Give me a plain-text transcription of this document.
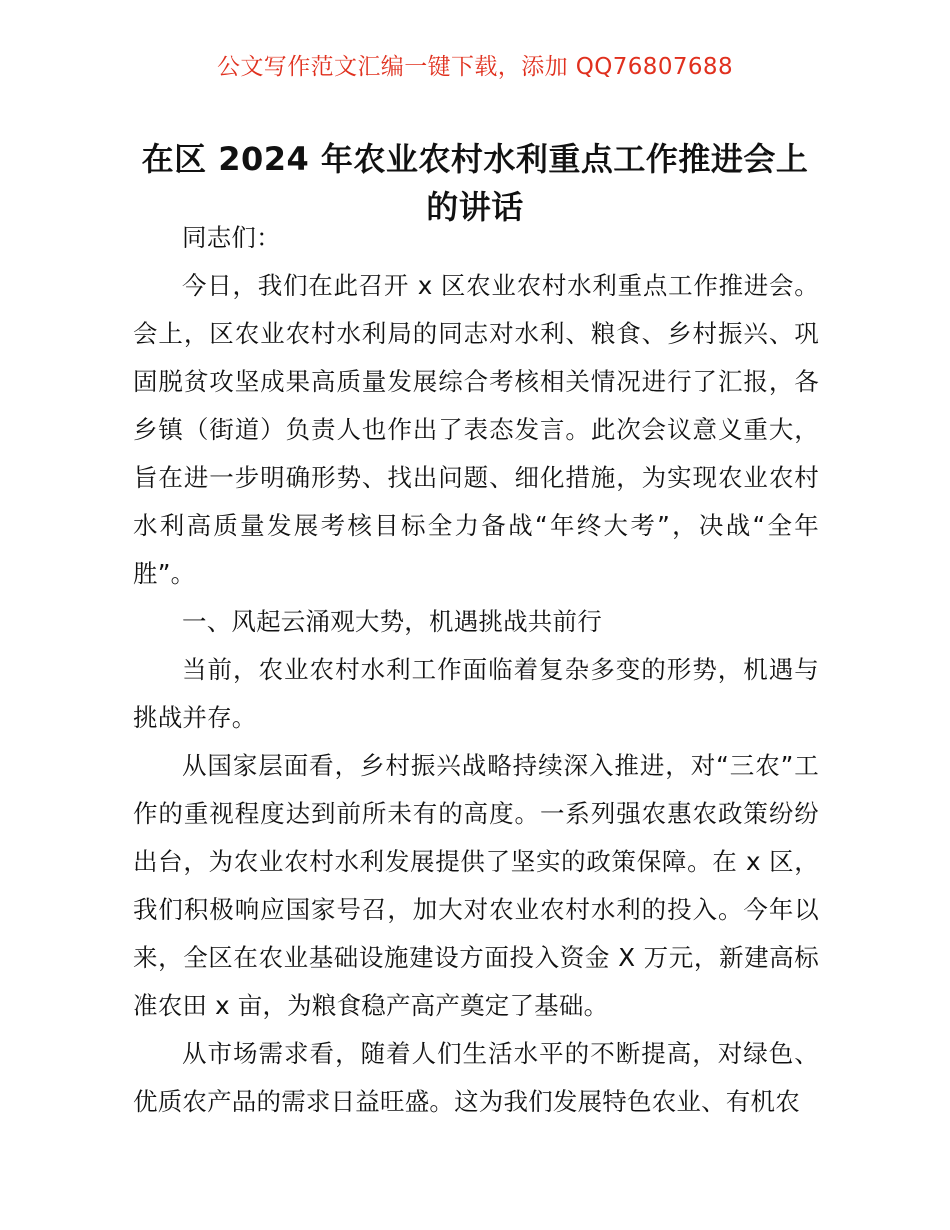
公文写作范文汇编一键下载，添加 QQ76807688
在区 2024 年农业农村水利重点工作推进会上的讲话

同志们：

今日，我们在此召开 x 区农业农村水利重点工作推进会。会上，区农业农村水利局的同志对水利、粮食、乡村振兴、巩固脱贫攻坚成果高质量发展综合考核相关情况进行了汇报，各乡镇（街道）负责人也作出了表态发言。此次会议意义重大，旨在进一步明确形势、找出问题、细化措施，为实现农业农村水利高质量发展考核目标全力备战“年终大考”，决战“全年胜”。

一、风起云涌观大势，机遇挑战共前行

当前，农业农村水利工作面临着复杂多变的形势，机遇与挑战并存。

从国家层面看，乡村振兴战略持续深入推进，对“三农”工作的重视程度达到前所未有的高度。一系列强农惠农政策纷纷出台，为农业农村水利发展提供了坚实的政策保障。在 x 区，我们积极响应国家号召，加大对农业农村水利的投入。今年以来，全区在农业基础设施建设方面投入资金 X 万元，新建高标准农田 x 亩，为粮食稳产高产奠定了基础。

从市场需求看，随着人们生活水平的不断提高，对绿色、优质农产品的需求日益旺盛。这为我们发展特色农业、有机农
